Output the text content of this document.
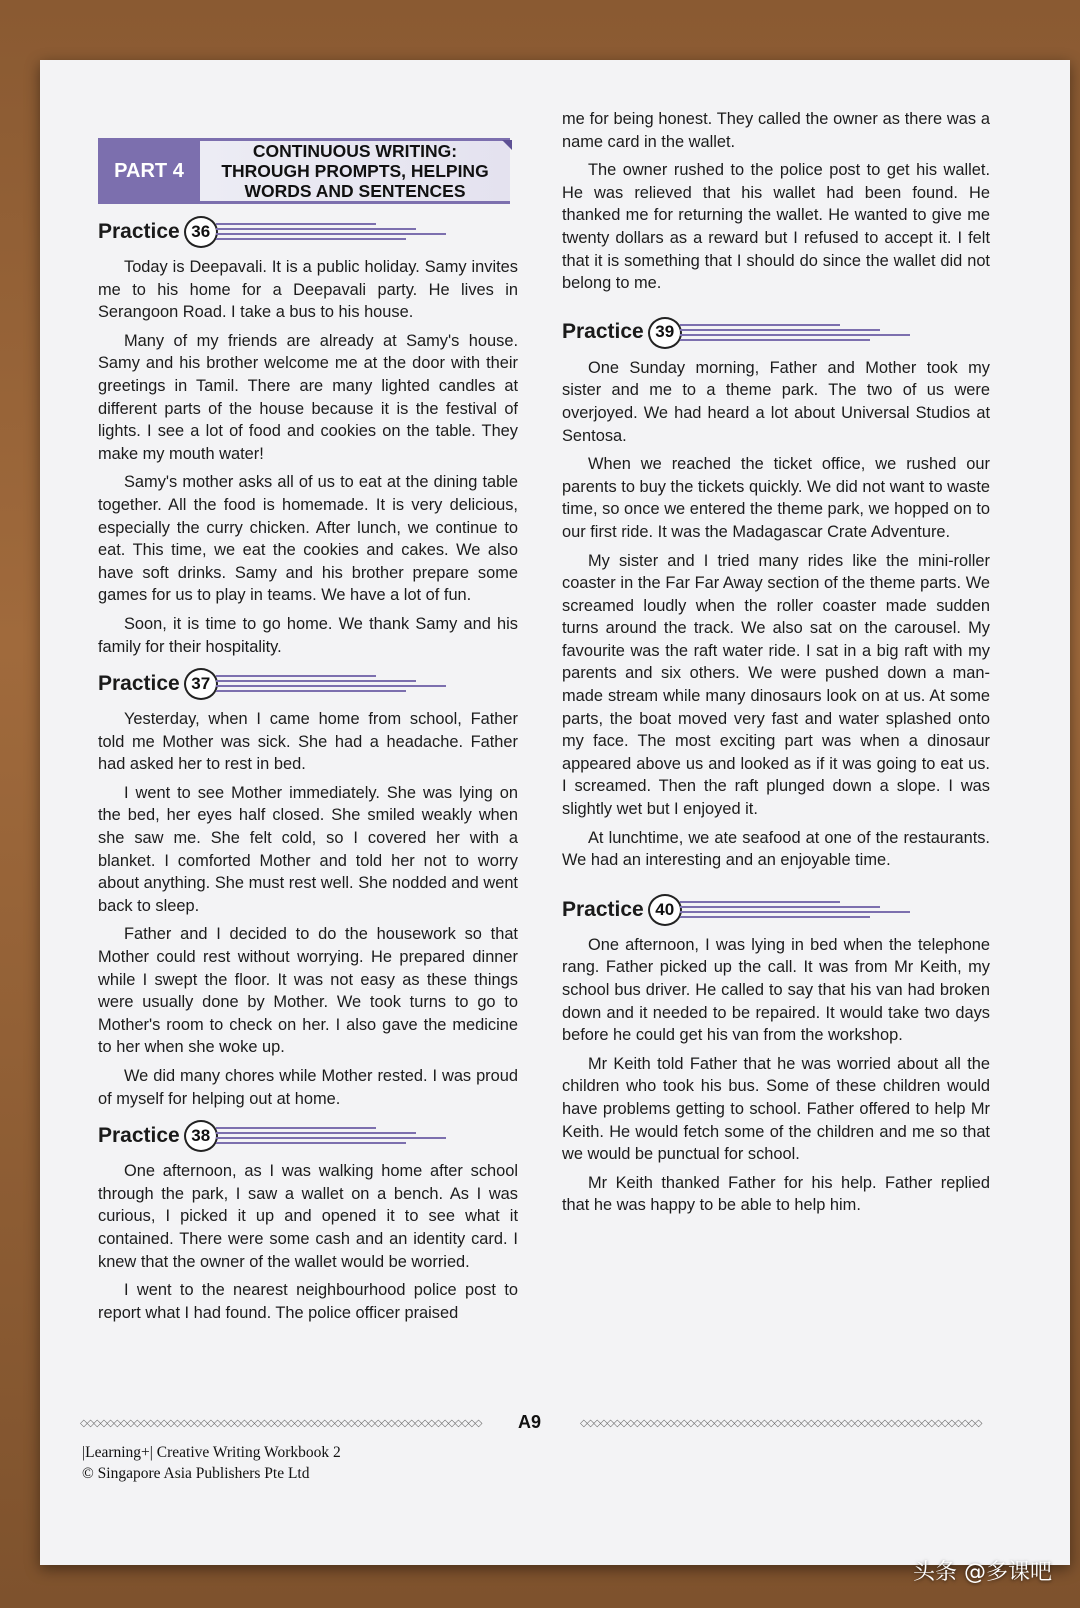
PART 4
CONTINUOUS WRITING:
THROUGH PROMPTS, HELPING
WORDS AND SENTENCES
Practice 36

Today is Deepavali. It is a public holiday. Samy invites me to his home for a Deepavali party. He lives in Serangoon Road. I take a bus to his house.

Many of my friends are already at Samy's house. Samy and his brother welcome me at the door with their greetings in Tamil. There are many lighted candles at different parts of the house because it is the festival of lights. I see a lot of food and cookies on the table. They make my mouth water!

Samy's mother asks all of us to eat at the dining table together. All the food is homemade. It is very delicious, especially the curry chicken. After lunch, we continue to eat. This time, we eat the cookies and cakes. We also have soft drinks. Samy and his brother prepare some games for us to play in teams. We have a lot of fun.

Soon, it is time to go home. We thank Samy and his family for their hospitality.

Practice 37

Yesterday, when I came home from school, Father told me Mother was sick. She had a headache. Father had asked her to rest in bed.

I went to see Mother immediately. She was lying on the bed, her eyes half closed. She smiled weakly when she saw me. She felt cold, so I covered her with a blanket. I comforted Mother and told her not to worry about anything. She must rest well. She nodded and went back to sleep.

Father and I decided to do the housework so that Mother could rest without worrying. He prepared dinner while I swept the floor. It was not easy as these things were usually done by Mother. We took turns to go to Mother's room to check on her. I also gave the medicine to her when she woke up.

We did many chores while Mother rested. I was proud of myself for helping out at home.

Practice 38

One afternoon, as I was walking home after school through the park, I saw a wallet on a bench. As I was curious, I picked it up and opened it to see what it contained. There were some cash and an identity card. I knew that the owner of the wallet would be worried.

I went to the nearest neighbourhood police post to report what I had found. The police officer praised

me for being honest. They called the owner as there was a name card in the wallet.

The owner rushed to the police post to get his wallet. He was relieved that his wallet had been found. He thanked me for returning the wallet. He wanted to give me twenty dollars as a reward but I refused to accept it. I felt that it is something that I should do since the wallet did not belong to me.

Practice 39

One Sunday morning, Father and Mother took my sister and me to a theme park. The two of us were overjoyed. We had heard a lot about Universal Studios at Sentosa.

When we reached the ticket office, we rushed our parents to buy the tickets quickly. We did not want to waste time, so once we entered the theme park, we hopped on to our first ride. It was the Madagascar Crate Adventure.

My sister and I tried many rides like the mini-roller coaster in the Far Far Away section of the theme parts. We screamed loudly when the roller coaster made sudden turns around the track. We also sat on the carousel. My favourite was the raft water ride. I sat in a big raft with my parents and six others. We were pushed down a man-made stream while many dinosaurs look on at us. At some parts, the boat moved very fast and water splashed onto my face. The most exciting part was when a dinosaur appeared above us and looked as if it was going to eat us. I screamed. Then the raft plunged down a slope. I was slightly wet but I enjoyed it.

At lunchtime, we ate seafood at one of the restaurants. We had an interesting and an enjoyable time.

Practice 40

One afternoon, I was lying in bed when the telephone rang. Father picked up the call. It was from Mr Keith, my school bus driver. He called to say that his van had broken down and it needed to be repaired. It would take two days before he could get his van from the workshop.

Mr Keith told Father that he was worried about all the children who took his bus. Some of these children would have problems getting to school. Father offered to help Mr Keith. He would fetch some of the children and me so that we would be punctual for school.

Mr Keith thanked Father for his help. Father replied that he was happy to be able to help him.

◇◇◇◇◇◇◇◇◇◇◇◇◇◇◇◇◇◇◇◇◇◇◇◇◇◇◇◇◇◇◇◇◇◇◇◇◇◇◇◇◇◇◇◇◇◇◇◇◇◇◇◇◇◇◇◇◇◇◇◇	A9	◇◇◇◇◇◇◇◇◇◇◇◇◇◇◇◇◇◇◇◇◇◇◇◇◇◇◇◇◇◇◇◇◇◇◇◇◇◇◇◇◇◇◇◇◇◇◇◇◇◇◇◇◇◇◇◇◇◇◇◇
|Learning+| Creative Writing Workbook 2
© Singapore Asia Publishers Pte Ltd
头条 @多课吧
